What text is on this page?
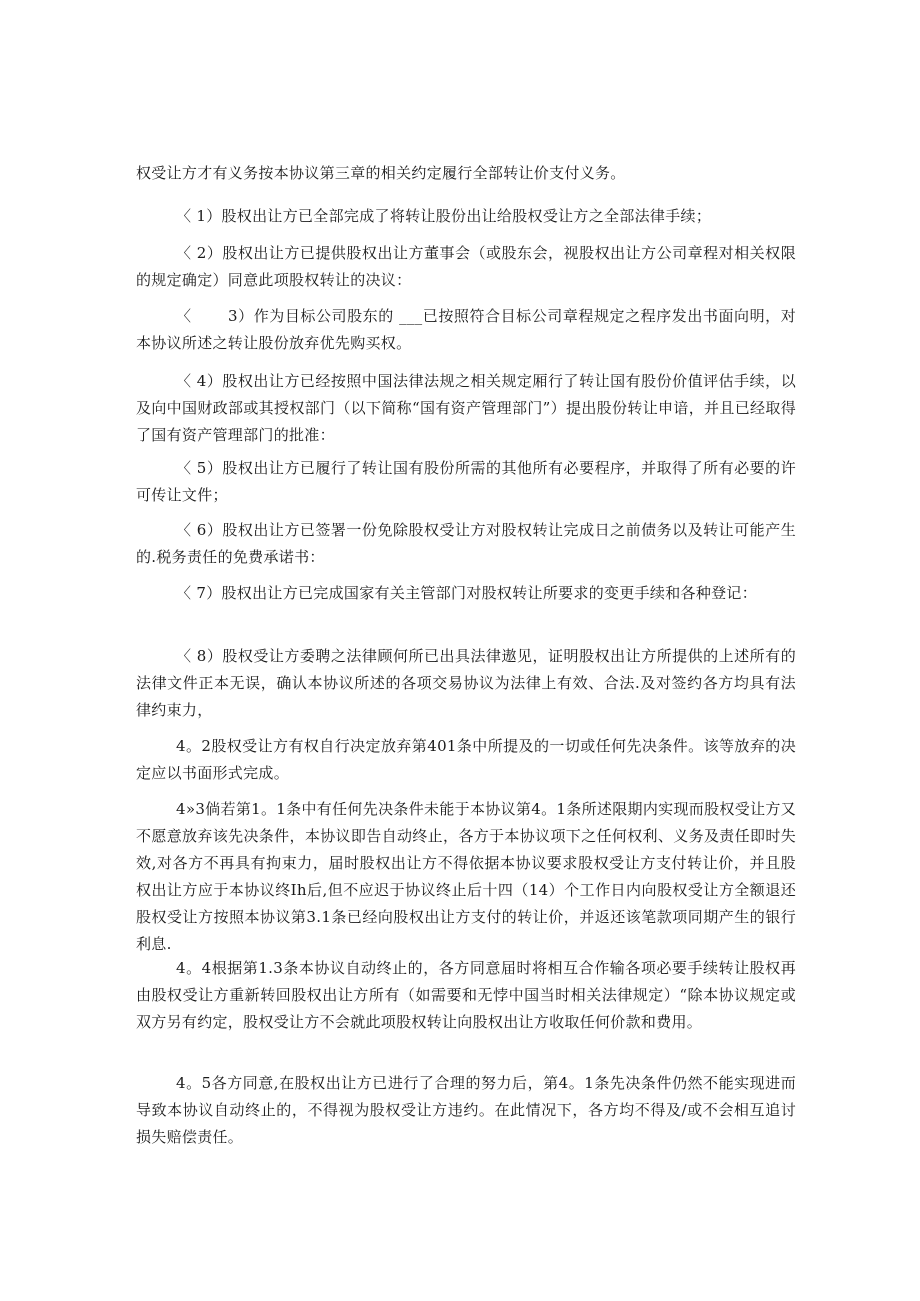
权受让方才有义务按本协议第三章的相关约定履行全部转让价支付义务。

〈 1）股权出让方已全部完成了将转让股份出让给股权受让方之全部法律手续；

〈 2）股权出让方已提供股权出让方董事会（或股东会，视股权出让方公司章程对相关权限的规定确定）同意此项股权转让的决议：

〈　　 3）作为目标公司股东的 ___已按照符合目标公司章程规定之程序发出书面向明，对本协议所述之转让股份放弃优先购买权。

〈 4）股权出让方已经按照中国法律法规之相关规定厢行了转让国有股份价值评估手续，以及向中国财政部或其授权部门（以下简称“国有资产管理部门”）提出股份转让申谙，并且已经取得了国有资产管理部门的批准：

〈 5）股权出让方已履行了转让国有股份所需的其他所有必要程序，并取得了所有必要的许可传让文件；

〈 6）股权出让方已签署一份免除股权受让方对股权转让完成日之前债务以及转让可能产生的.税务责任的免费承诺书：

〈 7）股权出让方已完成国家有关主管部门对股权转让所要求的变更手续和各种登记：

〈 8）股权受让方委聘之法律顾何所已出具法律遨见，证明股权出让方所提供的上述所有的法律文件正本无误，确认本协议所述的各项交易协议为法律上有效、合法.及对签约各方均具有法律约束力，

4。2股权受让方有权自行决定放弃第401条中所提及的一切或任何先决条件。该等放弃的决定应以书面形式完成。

4»3倘若第1。1条中有任何先决条件未能于本协议第4。1条所述限期内实现而股权受让方又不愿意放弃该先决条件，本协议即告自动终止，各方于本协议项下之任何权利、义务及责任即时失效,对各方不再具有拘束力，届时股权出让方不得依据本协议要求股权受让方支付转让价，并且股权出让方应于本协议终Ih后,但不应迟于协议终止后十四（14）个工作日内向股权受让方全额退还股权受让方按照本协议第3.1条已经向股权出让方支付的转让价，并返还该笔款项同期产生的银行利息.

4。4根据第1.3条本协议自动终止的，各方同意届时将相互合作输各项必要手续转让股权再由股权受让方重新转回股权出让方所有（如需要和无悖中国当时相关法律规定）“除本协议规定或双方另有约定，股权受让方不会就此项股权转让向股权出让方收取任何价款和费用。

4。5各方同意,在股权出让方已进行了合理的努力后，第4。1条先决条件仍然不能实现进而导致本协议自动终止的，不得视为股权受让方违约。在此情况下，各方均不得及/或不会相互追讨损失赔偿责任。
